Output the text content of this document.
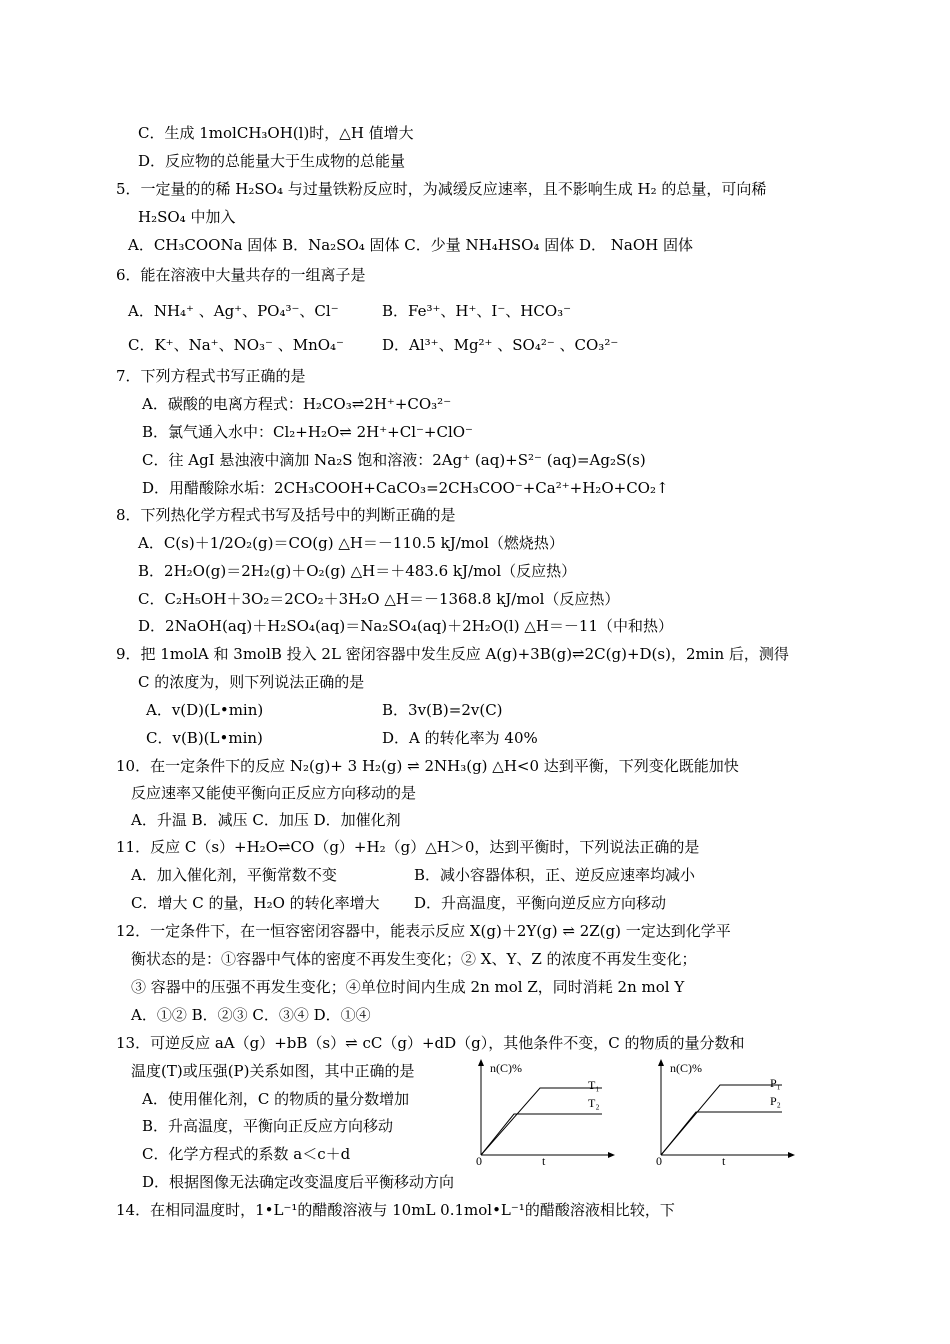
C．生成 1molCH₃OH(l)时，△H 值增大
D．反应物的总能量大于生成物的总能量
5．一定量的的稀 H₂SO₄ 与过量铁粉反应时，为减缓反应速率，且不影响生成 H₂ 的总量，可向稀
H₂SO₄ 中加入
A．CH₃COONa 固体 B．Na₂SO₄ 固体 C．少量 NH₄HSO₄ 固体 D． NaOH 固体
6．能在溶液中大量共存的一组离子是
A．NH₄⁺ 、Ag⁺、PO₄³⁻、Cl⁻	B．Fe³⁺、H⁺、I⁻、HCO₃⁻
C．K⁺、Na⁺、NO₃⁻ 、MnO₄⁻	D．Al³⁺、Mg²⁺ 、SO₄²⁻ 、CO₃²⁻
7．下列方程式书写正确的是
A．碳酸的电离方程式：H₂CO₃⇌2H⁺+CO₃²⁻
B．氯气通入水中：Cl₂+H₂O⇌ 2H⁺+Cl⁻+ClO⁻
C．往 AgI 悬浊液中滴加 Na₂S 饱和溶液：2Ag⁺ (aq)+S²⁻ (aq)=Ag₂S(s)
D．用醋酸除水垢：2CH₃COOH+CaCO₃=2CH₃COO⁻+Ca²⁺+H₂O+CO₂↑
8．下列热化学方程式书写及括号中的判断正确的是
A．C(s)＋1/2O₂(g)＝CO(g) △H＝－110.5 kJ/mol（燃烧热）
B．2H₂O(g)＝2H₂(g)＋O₂(g) △H＝＋483.6 kJ/mol（反应热）
C．C₂H₅OH＋3O₂＝2CO₂＋3H₂O △H＝－1368.8 kJ/mol（反应热）
D．2NaOH(aq)＋H₂SO₄(aq)＝Na₂SO₄(aq)＋2H₂O(l) △H＝－11（中和热）
9．把 1molA 和 3molB 投入 2L 密闭容器中发生反应 A(g)+3B(g)⇌2C(g)+D(s)，2min 后，测得
C 的浓度为，则下列说法正确的是
A．v(D)(L•min)	B．3v(B)=2v(C)
C．v(B)(L•min)	D．A 的转化率为 40%
10．在一定条件下的反应 N₂(g)+ 3 H₂(g) ⇌ 2NH₃(g) △H<0 达到平衡，下列变化既能加快
反应速率又能使平衡向正反应方向移动的是
A．升温 B．减压 C．加压 D．加催化剂
11．反应 C（s）+H₂O⇌CO（g）+H₂（g）△H＞0，达到平衡时，下列说法正确的是
A．加入催化剂，平衡常数不变	B．减小容器体积，正、逆反应速率均减小
C．增大 C 的量，H₂O 的转化率增大 D．升高温度，平衡向逆反应方向移动
12．一定条件下，在一恒容密闭容器中，能表示反应 X(g)＋2Y(g) ⇌ 2Z(g) 一定达到化学平
衡状态的是：①容器中气体的密度不再发生变化；② X、Y、Z 的浓度不再发生变化；
③ 容器中的压强不再发生变化；④单位时间内生成 2n mol Z，同时消耗 2n mol Y
A．①② B．②③ C．③④ D．①④
13．可逆反应 aA（g）+bB（s）⇌ cC（g）+dD（g），其他条件不变，C 的物质的量分数和
温度(T)或压强(P)关系如图，其中正确的是
A．使用催化剂，C 的物质的量分数增加
B．升高温度，平衡向正反应方向移动
C．化学方程式的系数 a＜c＋d
D．根据图像无法确定改变温度后平衡移动方向
14．在相同温度时，1•L⁻¹的醋酸溶液与 10mL 0.1mol•L⁻¹的醋酸溶液相比较，下
n(C)%
0	t
T₁
T₂
n(C)%
0	t
P₁
P₂
